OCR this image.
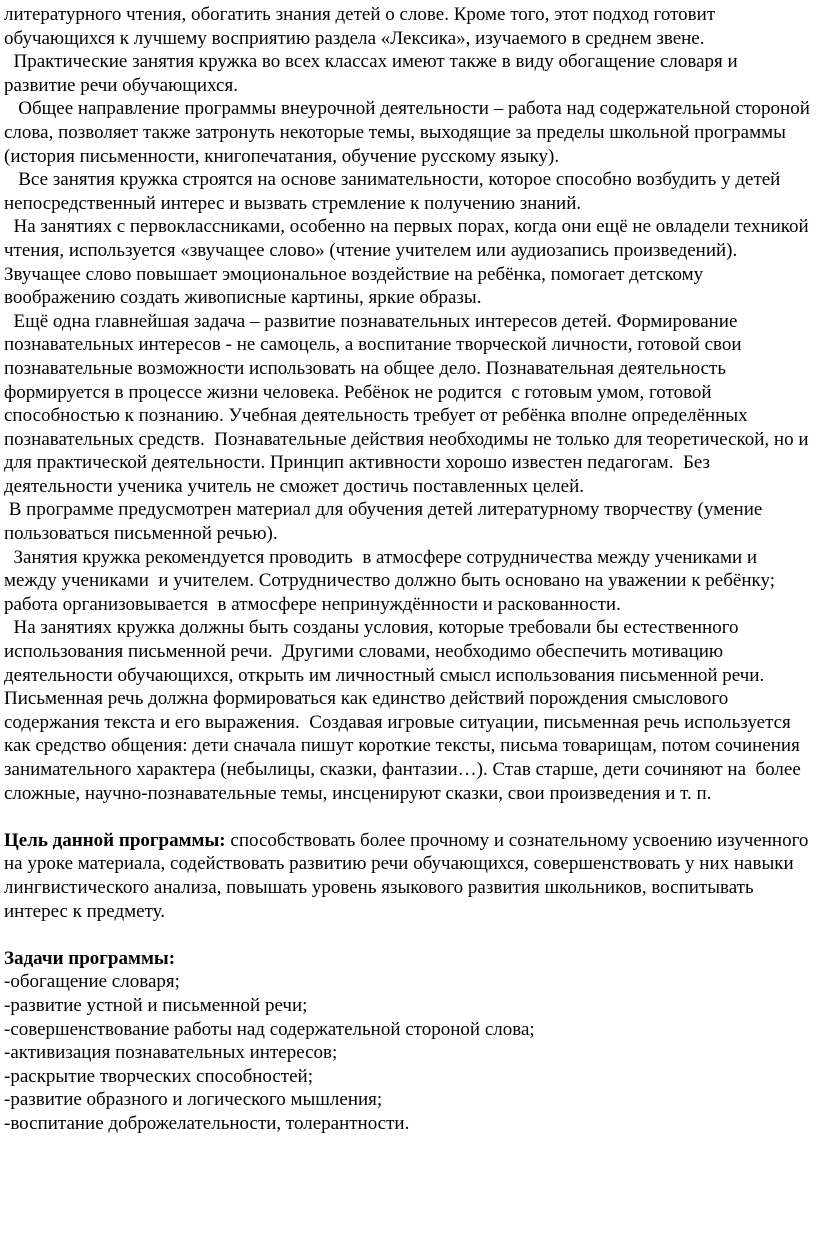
литературного чтения, обогатить знания детей о слове. Кроме того, этот подход готовит обучающихся к лучшему восприятию раздела «Лексика», изучаемого в среднем звене.

Практические занятия кружка во всех классах имеют также в виду обогащение словаря и развитие речи обучающихся.

Общее направление программы внеурочной деятельности – работа над содержательной стороной слова, позволяет также затронуть некоторые темы, выходящие за пределы школьной программы (история письменности, книгопечатания, обучение русскому языку).

Все занятия кружка строятся на основе занимательности, которое способно возбудить у детей непосредственный интерес и вызвать стремление к получению знаний.

На занятиях с первоклассниками, особенно на первых порах, когда они ещё не овладели техникой чтения, используется «звучащее слово» (чтение учителем или аудиозапись произведений). Звучащее слово повышает эмоциональное воздействие на ребёнка, помогает детскому воображению создать живописные картины, яркие образы.

Ещё одна главнейшая задача – развитие познавательных интересов детей. Формирование познавательных интересов - не самоцель, а воспитание творческой личности, готовой свои познавательные возможности использовать на общее дело. Познавательная деятельность формируется в процессе жизни человека. Ребёнок не родится  с готовым умом, готовой способностью к познанию. Учебная деятельность требует от ребёнка вполне определённых познавательных средств.  Познавательные действия необходимы не только для теоретической, но и для практической деятельности. Принцип активности хорошо известен педагогам.  Без деятельности ученика учитель не сможет достичь поставленных целей.

В программе предусмотрен материал для обучения детей литературному творчеству (умение пользоваться письменной речью).

Занятия кружка рекомендуется проводить  в атмосфере сотрудничества между учениками и между учениками  и учителем. Сотрудничество должно быть основано на уважении к ребёнку; работа организовывается  в атмосфере непринуждённости и раскованности.

На занятиях кружка должны быть созданы условия, которые требовали бы естественного использования письменной речи.  Другими словами, необходимо обеспечить мотивацию деятельности обучающихся, открыть им личностный смысл использования письменной речи. Письменная речь должна формироваться как единство действий порождения смыслового содержания текста и его выражения.  Создавая игровые ситуации, письменная речь используется как средство общения: дети сначала пишут короткие тексты, письма товарищам, потом сочинения занимательного характера (небылицы, сказки, фантазии…). Став старше, дети сочиняют на  более сложные, научно-познавательные темы, инсценируют сказки, свои произведения и т. п.

Цель данной программы: способствовать более прочному и сознательному усвоению изученного на уроке материала, содействовать развитию речи обучающихся, совершенствовать у них навыки лингвистического анализа, повышать уровень языкового развития школьников, воспитывать интерес к предмету.

Задачи программы:

-обогащение словаря;
-развитие устной и письменной речи;
-совершенствование работы над содержательной стороной слова;
-активизация познавательных интересов;
-раскрытие творческих способностей;
-развитие образного и логического мышления;
-воспитание доброжелательности, толерантности.
